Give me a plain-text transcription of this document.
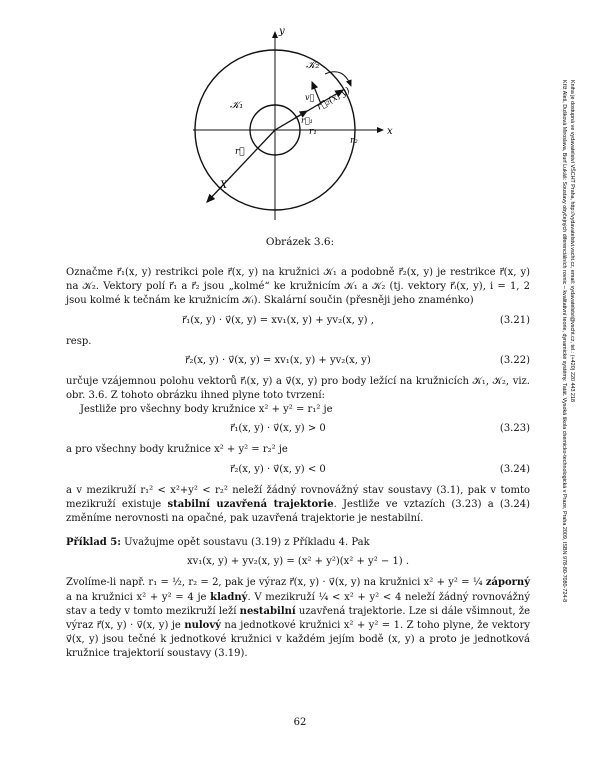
y
x
𝒦₂
𝒦₁
r₁
r₂
r⃗
r⃗₂(x, y)
v⃗
r⃗₁
X
Obrázek 3.6:

Označme r⃗₁(x, y) restrikci pole r⃗(x, y) na kružnici 𝒦₁ a podobně r⃗₂(x, y) je restrikce r⃗(x, y) na 𝒦₂. Vektory polí r⃗₁ a r⃗₂ jsou „kolmé“ ke kružnicím 𝒦₁ a 𝒦₂ (tj. vektory r⃗ᵢ(x, y), i = 1, 2 jsou kolmé k tečnám ke kružnicím 𝒦ᵢ). Skalární součin (přesněji jeho znaménko)

r⃗₁(x, y) · v⃗(x, y) = xv₁(x, y) + yv₂(x, y) ,	(3.21)

resp.

r⃗₂(x, y) · v⃗(x, y) = xv₁(x, y) + yv₂(x, y)	(3.22)

určuje vzájemnou polohu vektorů r⃗ᵢ(x, y) a v⃗(x, y) pro body ležící na kružnicích 𝒦₁, 𝒦₂, viz. obr. 3.6. Z tohoto obrázku ihned plyne toto tvrzení:

Jestliže pro všechny body kružnice x² + y² = r₁² je

r⃗₁(x, y) · v⃗(x, y) > 0	(3.23)

a pro všechny body kružnice x² + y² = r₂² je

r⃗₂(x, y) · v⃗(x, y) < 0	(3.24)

a v mezikruží r₁² < x²+y² < r₂² neleží žádný rovnovážný stav soustavy (3.1), pak v tomto mezikruží existuje stabilní uzavřená trajektorie. Jestliže ve vztazích (3.23) a (3.24) změníme nerovnosti na opačné, pak uzavřená trajektorie je nestabilní.

Příklad 5: Uvažujme opět soustavu (3.19) z Příkladu 4. Pak

xv₁(x, y) + yv₂(x, y) = (x² + y²)(x² + y² − 1) .

Zvolíme-li např. r₁ = ½, r₂ = 2, pak je výraz r⃗(x, y) · v⃗(x, y) na kružnici x² + y² = ¼ záporný a na kružnici x² + y² = 4 je kladný. V mezikruží ¼ < x² + y² < 4 neleží žádný rovnovážný stav a tedy v tomto mezikruží leží nestabilní uzavřená trajektorie. Lze si dále všimnout, že výraz r⃗(x, y) · v⃗(x, y) je nulový na jednotkové kružnici x² + y² = 1. Z toho plyne, že vektory v⃗(x, y) jsou tečné k jednotkové kružnici v každém jejím bodě (x, y) a proto je jednotková kružnice trajektorií soustavy (3.19).

62
Kříž Aleš, Dušková Miroslava, Burf Lukáš: Soustavy obyčejných diferenciálních rovnic – kvalitativní teorie, dynamické systémy. Tatát. Vysoká škola chemicko-technologická v Praze, Praha 2009, ISBN 978-80-7080-724-8 Kniha je dostupná ve vydavatelství VŠCHT Praha, http://vydavatelstvi.vscht.cz, email: vydavatelstvi@vscht.cz, tel.: (+420) 220 443 218
